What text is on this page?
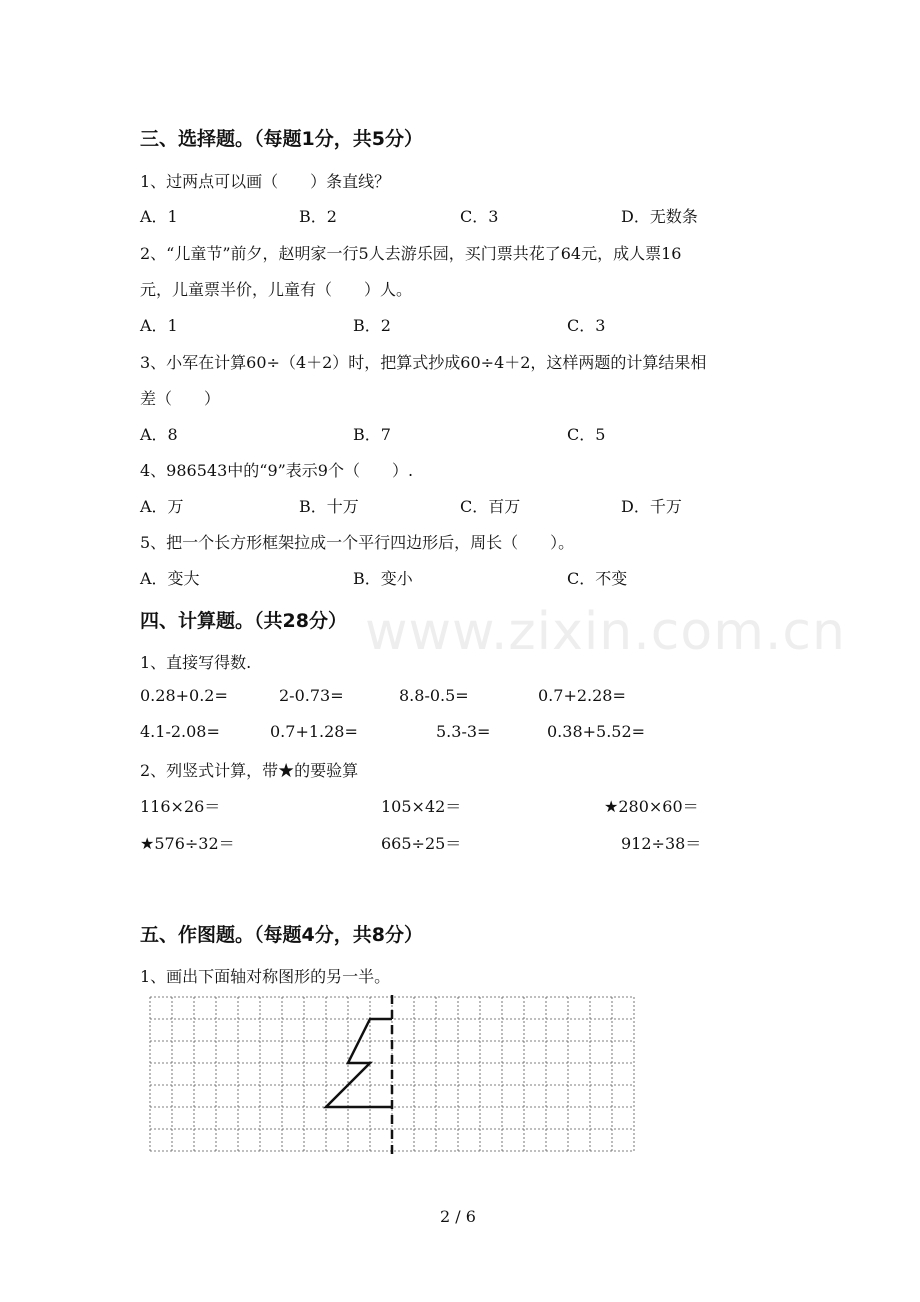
三、选择题。（每题1分，共5分）
1、过两点可以画（　　）条直线？
A．1	B．2	C．3	D．无数条
2、“儿童节”前夕，赵明家一行5人去游乐园，买门票共花了64元，成人票16
元，儿童票半价，儿童有（　　）人。
A．1	B．2	C．3
3、小军在计算60÷（4＋2）时，把算式抄成60÷4＋2，这样两题的计算结果相
差（　　）
A．8	B．7	C．5
4、986543中的“9”表示9个（　　）.
A．万	B．十万	C．百万	D．千万
5、把一个长方形框架拉成一个平行四边形后，周长（　　）。
A．变大	B．变小	C．不变
www.zixin.com.cn
四、计算题。（共28分）
1、直接写得数.
0.28+0.2=	2-0.73=	8.8-0.5=	0.7+2.28=
4.1-2.08=	0.7+1.28=	5.3-3=	0.38+5.52=
2、列竖式计算，带★的要验算
116×26＝	105×42＝	★280×60＝
★576÷32＝	665÷25＝	912÷38＝
五、作图题。（每题4分，共8分）
1、画出下面轴对称图形的另一半。
2 / 6
